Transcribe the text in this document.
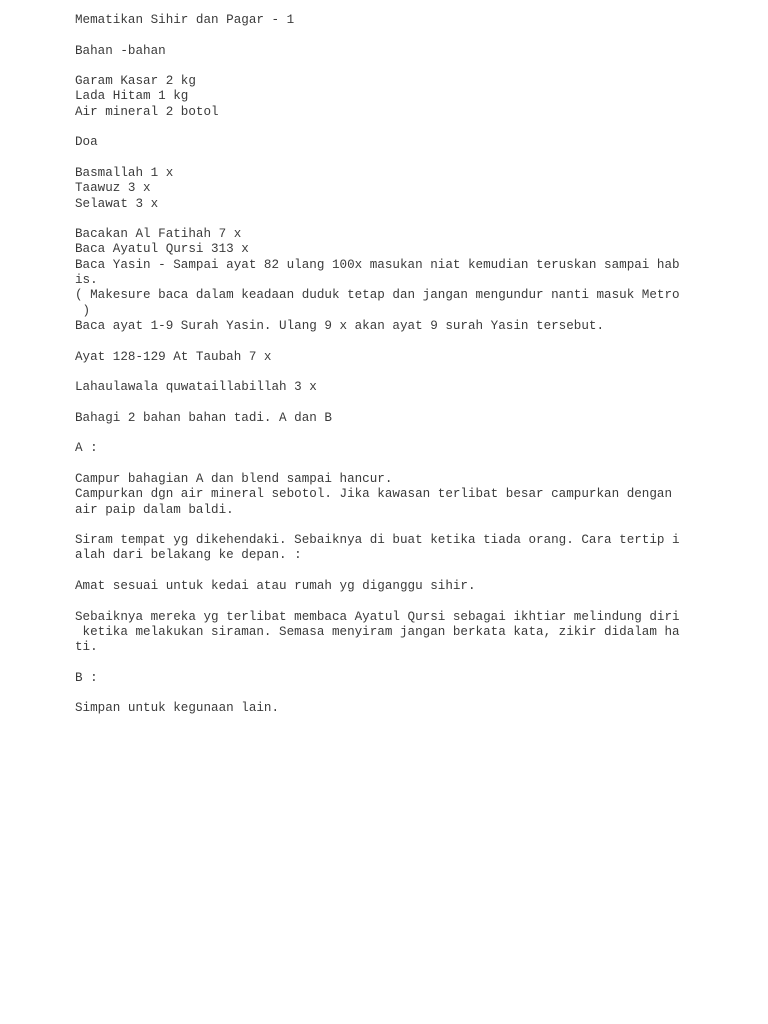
Mematikan Sihir dan Pagar - 1
Bahan -bahan
Garam Kasar 2 kg
Lada Hitam 1 kg
Air mineral 2 botol
Doa
Basmallah 1 x
Taawuz 3 x
Selawat 3 x
Bacakan Al Fatihah 7 x
Baca Ayatul Qursi 313 x
Baca Yasin - Sampai ayat 82 ulang 100x masukan niat kemudian teruskan sampai hab
is.
( Makesure baca dalam keadaan duduk tetap dan jangan mengundur nanti masuk Metro
)
Baca ayat 1-9 Surah Yasin. Ulang 9 x akan ayat 9 surah Yasin tersebut.
Ayat 128-129 At Taubah 7 x
Lahaulawala quwataillabillah 3 x
Bahagi 2 bahan bahan tadi. A dan B
A :
Campur bahagian A dan blend sampai hancur.
Campurkan dgn air mineral sebotol. Jika kawasan terlibat besar campurkan dengan
air paip dalam baldi.
Siram tempat yg dikehendaki. Sebaiknya di buat ketika tiada orang. Cara tertip i
alah dari belakang ke depan. :
Amat sesuai untuk kedai atau rumah yg diganggu sihir.
Sebaiknya mereka yg terlibat membaca Ayatul Qursi sebagai ikhtiar melindung diri
ketika melakukan siraman. Semasa menyiram jangan berkata kata, zikir didalam ha
ti.
B :
Simpan untuk kegunaan lain.
